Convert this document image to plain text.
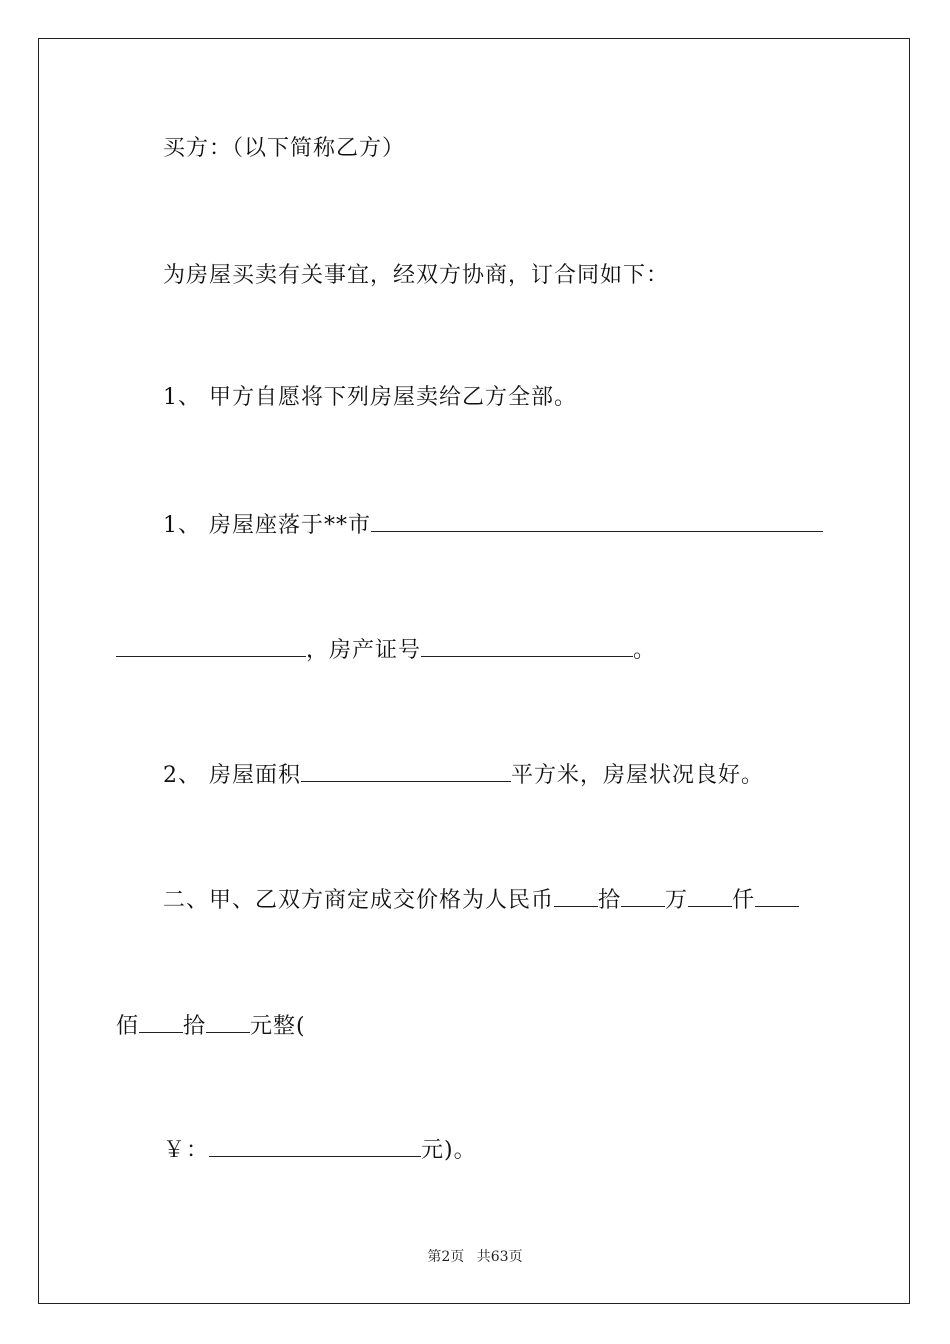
买方：（以下简称乙方）
为房屋买卖有关事宜，经双方协商，订合同如下：
1、 甲方自愿将下列房屋卖给乙方全部。
1、 房屋座落于**市
，房产证号	。
2、 房屋面积	平方米，房屋状况良好。
二、甲、乙双方商定成交价格为人民币 拾 万 仟
佰 拾 元整(
￥：	元)。
第2页 共63页
